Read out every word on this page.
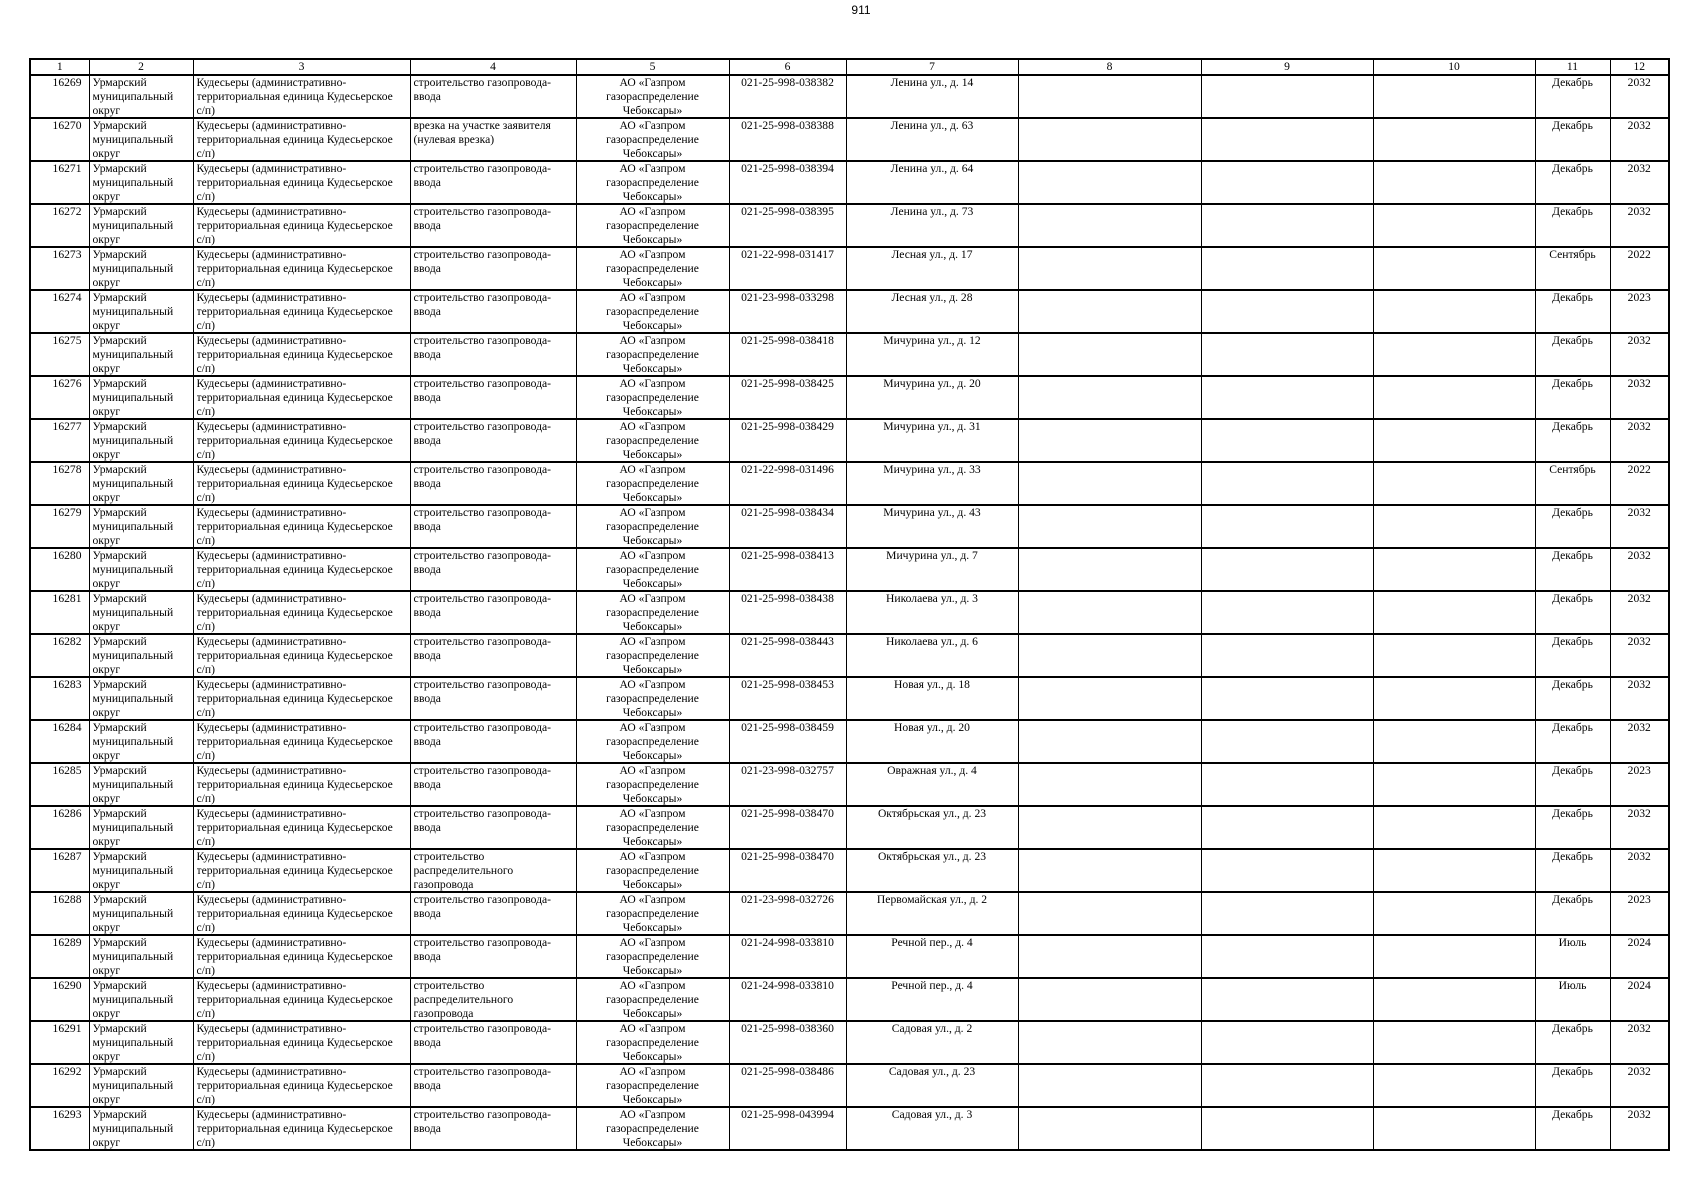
911
1	2	3	4	5	6	7	8	9	10	11	12

16269	Урмарский
муниципальный
округ	Кудесьеры (административно-
территориальная единица Кудесьерское
с/п)	строительство газопровода-
ввода	АО «Газпром
газораспределение
Чебоксары»	021-25-998-038382	Ленина ул., д. 14				Декабрь	2032

16270	Урмарский
муниципальный
округ	Кудесьеры (административно-
территориальная единица Кудесьерское
с/п)	врезка на участке заявителя
(нулевая врезка)	АО «Газпром
газораспределение
Чебоксары»	021-25-998-038388	Ленина ул., д. 63				Декабрь	2032

16271	Урмарский
муниципальный
округ	Кудесьеры (административно-
территориальная единица Кудесьерское
с/п)	строительство газопровода-
ввода	АО «Газпром
газораспределение
Чебоксары»	021-25-998-038394	Ленина ул., д. 64				Декабрь	2032

16272	Урмарский
муниципальный
округ	Кудесьеры (административно-
территориальная единица Кудесьерское
с/п)	строительство газопровода-
ввода	АО «Газпром
газораспределение
Чебоксары»	021-25-998-038395	Ленина ул., д. 73				Декабрь	2032

16273	Урмарский
муниципальный
округ	Кудесьеры (административно-
территориальная единица Кудесьерское
с/п)	строительство газопровода-
ввода	АО «Газпром
газораспределение
Чебоксары»	021-22-998-031417	Лесная ул., д. 17				Сентябрь	2022

16274	Урмарский
муниципальный
округ	Кудесьеры (административно-
территориальная единица Кудесьерское
с/п)	строительство газопровода-
ввода	АО «Газпром
газораспределение
Чебоксары»	021-23-998-033298	Лесная ул., д. 28				Декабрь	2023

16275	Урмарский
муниципальный
округ	Кудесьеры (административно-
территориальная единица Кудесьерское
с/п)	строительство газопровода-
ввода	АО «Газпром
газораспределение
Чебоксары»	021-25-998-038418	Мичурина ул., д. 12				Декабрь	2032

16276	Урмарский
муниципальный
округ	Кудесьеры (административно-
территориальная единица Кудесьерское
с/п)	строительство газопровода-
ввода	АО «Газпром
газораспределение
Чебоксары»	021-25-998-038425	Мичурина ул., д. 20				Декабрь	2032

16277	Урмарский
муниципальный
округ	Кудесьеры (административно-
территориальная единица Кудесьерское
с/п)	строительство газопровода-
ввода	АО «Газпром
газораспределение
Чебоксары»	021-25-998-038429	Мичурина ул., д. 31				Декабрь	2032

16278	Урмарский
муниципальный
округ	Кудесьеры (административно-
территориальная единица Кудесьерское
с/п)	строительство газопровода-
ввода	АО «Газпром
газораспределение
Чебоксары»	021-22-998-031496	Мичурина ул., д. 33				Сентябрь	2022

16279	Урмарский
муниципальный
округ	Кудесьеры (административно-
территориальная единица Кудесьерское
с/п)	строительство газопровода-
ввода	АО «Газпром
газораспределение
Чебоксары»	021-25-998-038434	Мичурина ул., д. 43				Декабрь	2032

16280	Урмарский
муниципальный
округ	Кудесьеры (административно-
территориальная единица Кудесьерское
с/п)	строительство газопровода-
ввода	АО «Газпром
газораспределение
Чебоксары»	021-25-998-038413	Мичурина ул., д. 7				Декабрь	2032

16281	Урмарский
муниципальный
округ	Кудесьеры (административно-
территориальная единица Кудесьерское
с/п)	строительство газопровода-
ввода	АО «Газпром
газораспределение
Чебоксары»	021-25-998-038438	Николаева ул., д. 3				Декабрь	2032

16282	Урмарский
муниципальный
округ	Кудесьеры (административно-
территориальная единица Кудесьерское
с/п)	строительство газопровода-
ввода	АО «Газпром
газораспределение
Чебоксары»	021-25-998-038443	Николаева ул., д. 6				Декабрь	2032

16283	Урмарский
муниципальный
округ	Кудесьеры (административно-
территориальная единица Кудесьерское
с/п)	строительство газопровода-
ввода	АО «Газпром
газораспределение
Чебоксары»	021-25-998-038453	Новая ул., д. 18				Декабрь	2032

16284	Урмарский
муниципальный
округ	Кудесьеры (административно-
территориальная единица Кудесьерское
с/п)	строительство газопровода-
ввода	АО «Газпром
газораспределение
Чебоксары»	021-25-998-038459	Новая ул., д. 20				Декабрь	2032

16285	Урмарский
муниципальный
округ	Кудесьеры (административно-
территориальная единица Кудесьерское
с/п)	строительство газопровода-
ввода	АО «Газпром
газораспределение
Чебоксары»	021-23-998-032757	Овражная ул., д. 4				Декабрь	2023

16286	Урмарский
муниципальный
округ	Кудесьеры (административно-
территориальная единица Кудесьерское
с/п)	строительство газопровода-
ввода	АО «Газпром
газораспределение
Чебоксары»	021-25-998-038470	Октябрьская ул., д. 23				Декабрь	2032

16287	Урмарский
муниципальный
округ	Кудесьеры (административно-
территориальная единица Кудесьерское
с/п)	строительство
распределительного
газопровода	АО «Газпром
газораспределение
Чебоксары»	021-25-998-038470	Октябрьская ул., д. 23				Декабрь	2032

16288	Урмарский
муниципальный
округ	Кудесьеры (административно-
территориальная единица Кудесьерское
с/п)	строительство газопровода-
ввода	АО «Газпром
газораспределение
Чебоксары»	021-23-998-032726	Первомайская ул., д. 2				Декабрь	2023

16289	Урмарский
муниципальный
округ	Кудесьеры (административно-
территориальная единица Кудесьерское
с/п)	строительство газопровода-
ввода	АО «Газпром
газораспределение
Чебоксары»	021-24-998-033810	Речной пер., д. 4				Июль	2024

16290	Урмарский
муниципальный
округ	Кудесьеры (административно-
территориальная единица Кудесьерское
с/п)	строительство
распределительного
газопровода	АО «Газпром
газораспределение
Чебоксары»	021-24-998-033810	Речной пер., д. 4				Июль	2024

16291	Урмарский
муниципальный
округ	Кудесьеры (административно-
территориальная единица Кудесьерское
с/п)	строительство газопровода-
ввода	АО «Газпром
газораспределение
Чебоксары»	021-25-998-038360	Садовая ул., д. 2				Декабрь	2032

16292	Урмарский
муниципальный
округ	Кудесьеры (административно-
территориальная единица Кудесьерское
с/п)	строительство газопровода-
ввода	АО «Газпром
газораспределение
Чебоксары»	021-25-998-038486	Садовая ул., д. 23				Декабрь	2032

16293	Урмарский
муниципальный
округ	Кудесьеры (административно-
территориальная единица Кудесьерское
с/п)	строительство газопровода-
ввода	АО «Газпром
газораспределение
Чебоксары»	021-25-998-043994	Садовая ул., д. 3				Декабрь	2032
